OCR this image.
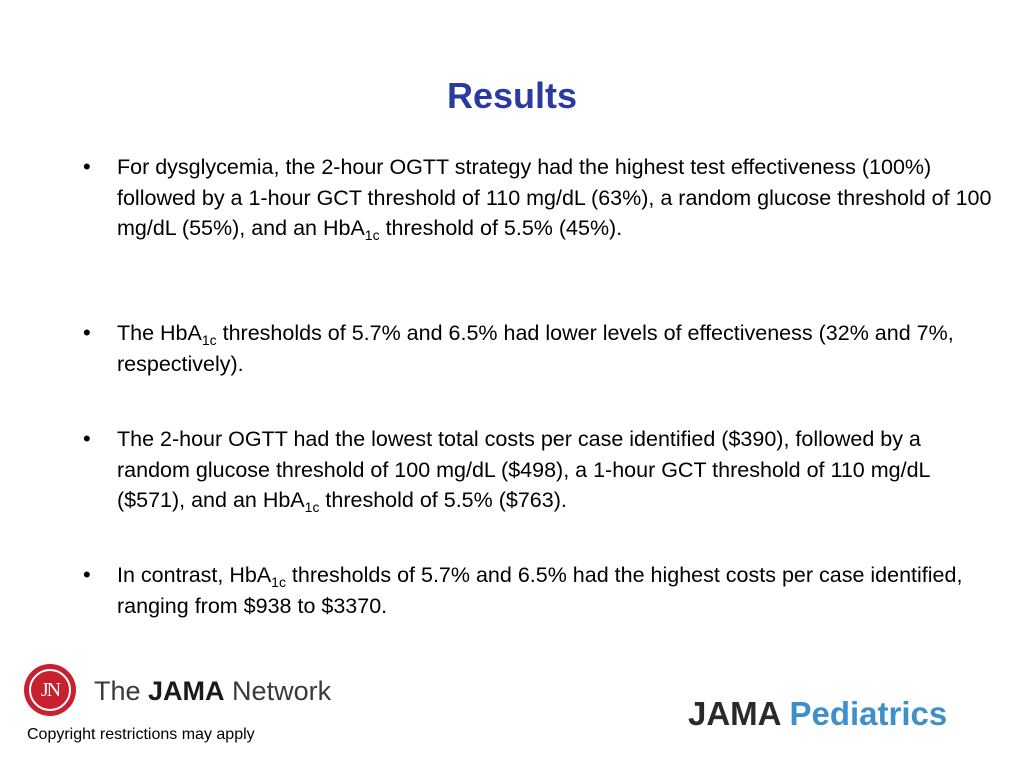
Results
• For dysglycemia, the 2-hour OGTT strategy had the highest test effectiveness (100%) followed by a 1-hour GCT threshold of 110 mg/dL (63%), a random glucose threshold of 100 mg/dL (55%), and an HbA$_{1c}$ threshold of 5.5% (45%).
• The HbA$_{1c}$ thresholds of 5.7% and 6.5% had lower levels of effectiveness (32% and 7%, respectively).
• The 2-hour OGTT had the lowest total costs per case identified ($390), followed by a random glucose threshold of 100 mg/dL ($498), a 1-hour GCT threshold of 110 mg/dL ($571), and an HbA$_{1c}$ threshold of 5.5% ($763).
• In contrast, HbA$_{1c}$ thresholds of 5.7% and 6.5% had the highest costs per case identified, ranging from $938 to $3370.
JN	The JAMA Network
Copyright restrictions may apply
JAMA Pediatrics
